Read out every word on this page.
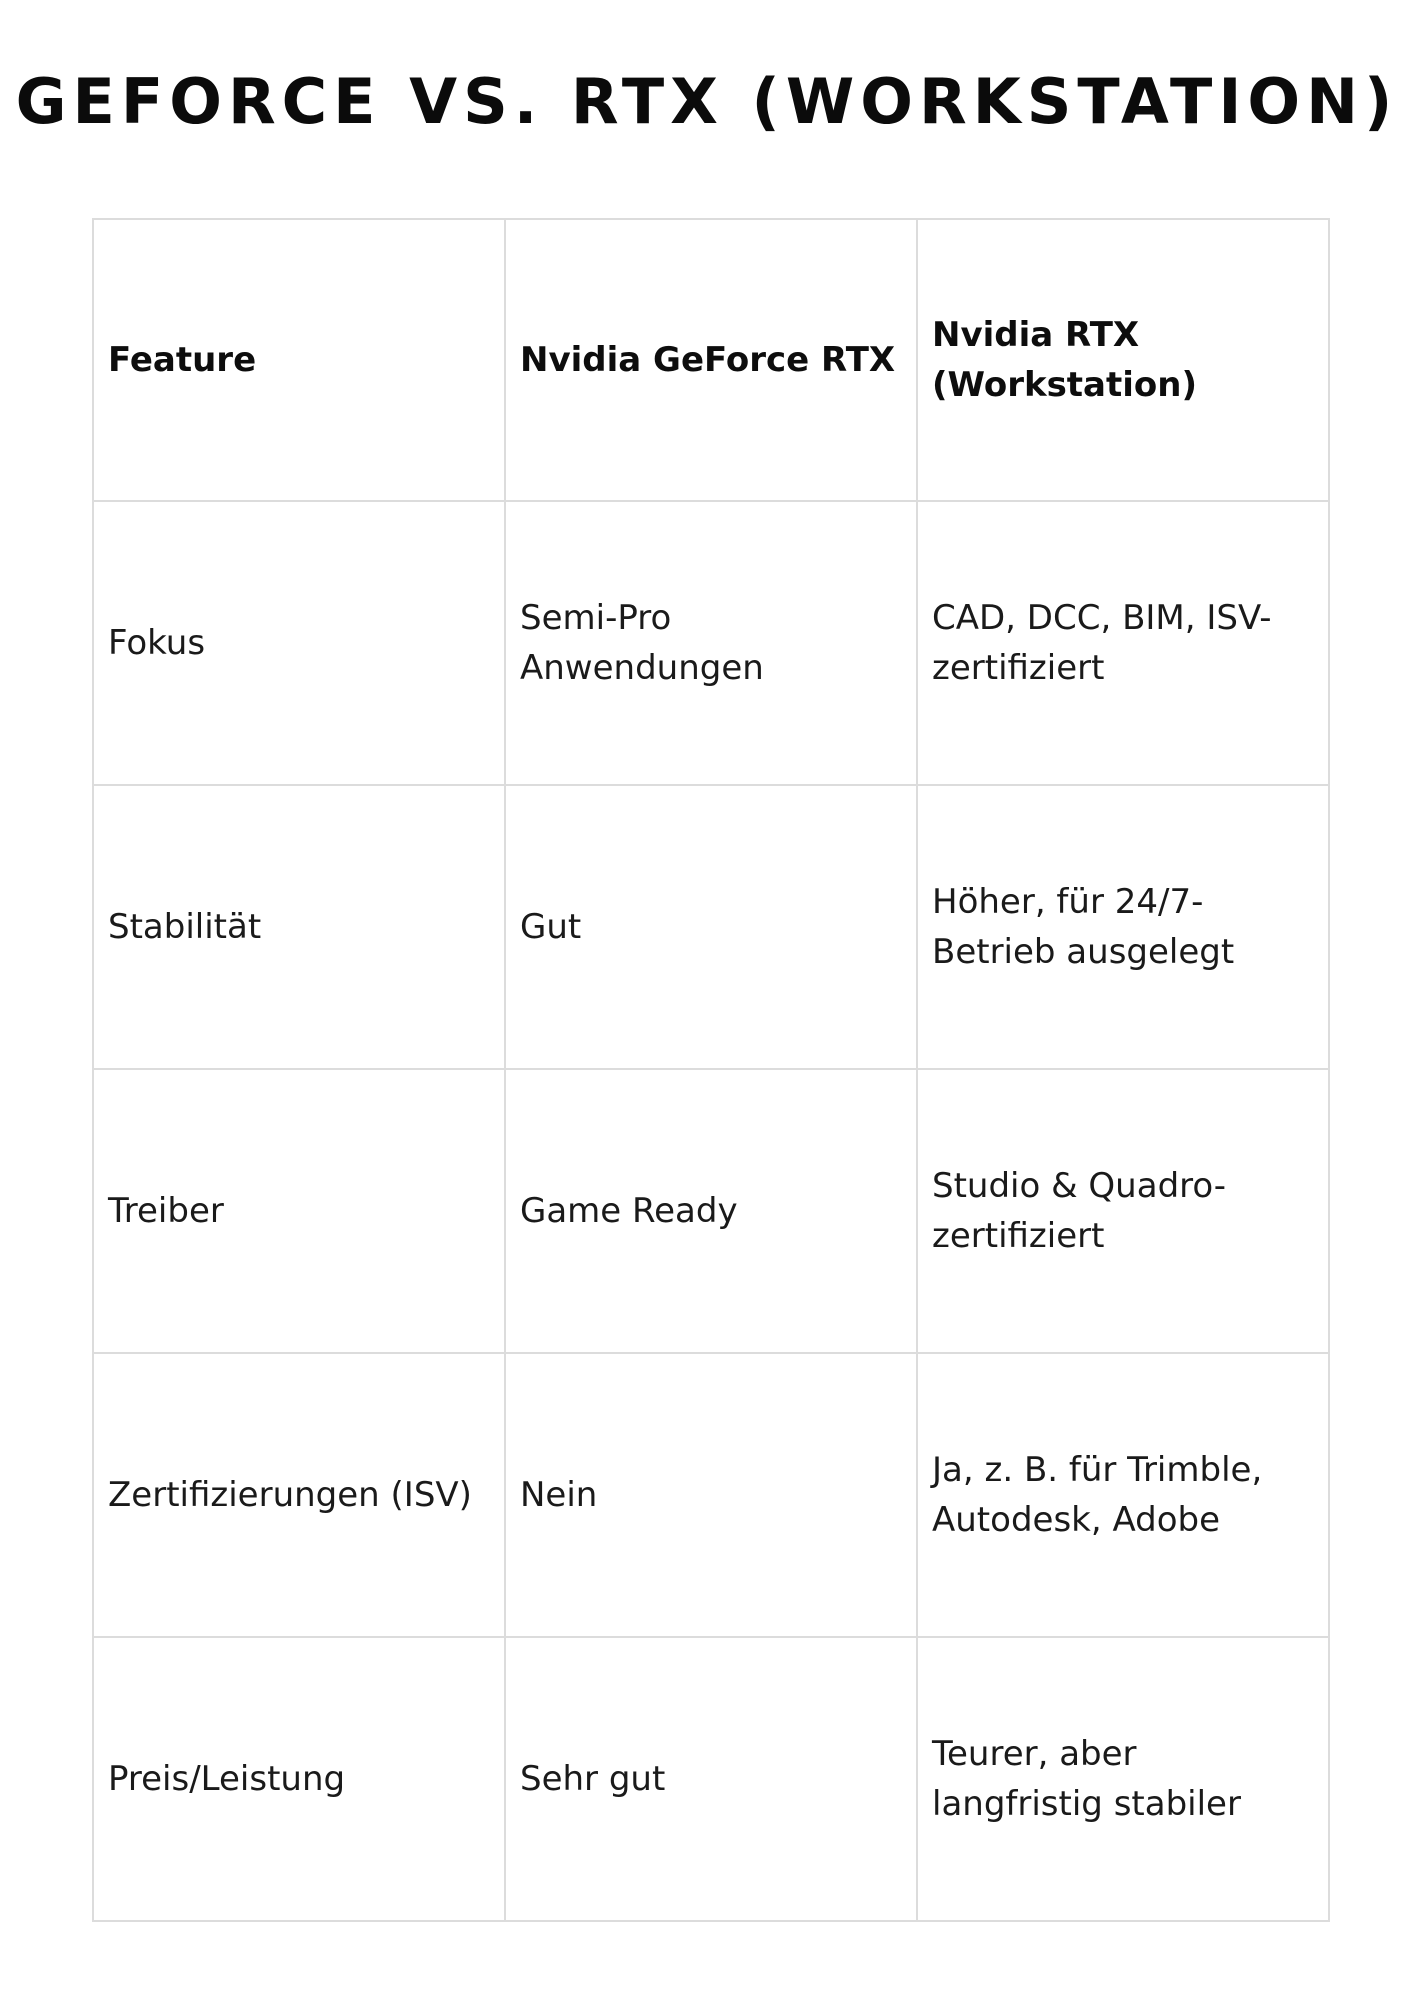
GEFORCE VS. RTX (WORKSTATION)
Feature	Nvidia GeForce RTX	Nvidia RTX (Workstation)
Fokus	Semi-Pro Anwendungen	CAD, DCC, BIM, ISV-zertifiziert
Stabilität	Gut	Höher, für 24/7-Betrieb ausgelegt
Treiber	Game Ready	Studio & Quadro-zertifiziert
Zertifizierungen (ISV)	Nein	Ja, z. B. für Trimble, Autodesk, Adobe
Preis/Leistung	Sehr gut	Teurer, aber langfristig stabiler
